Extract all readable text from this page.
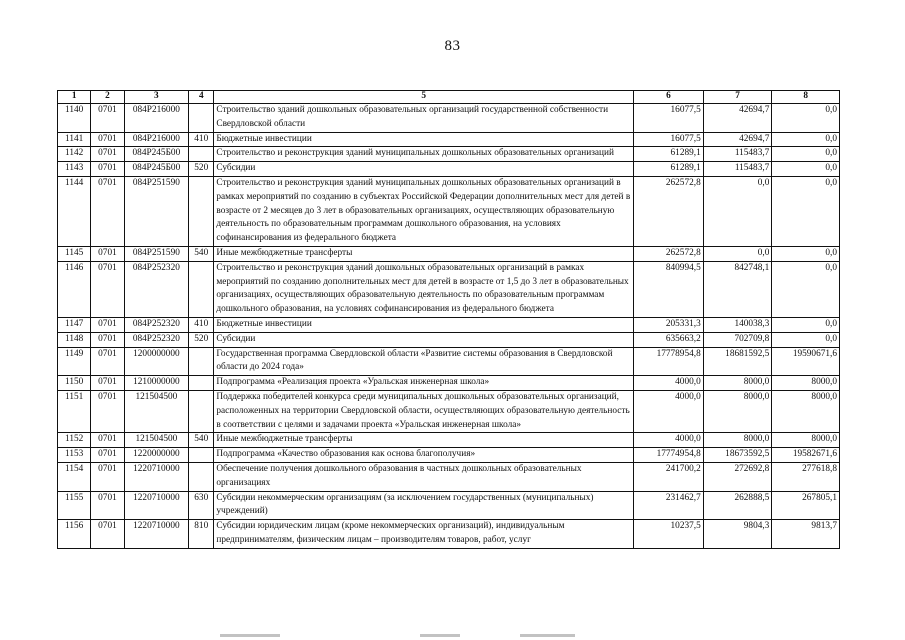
83
1	2	3	4	5	6	7	8
1140	0701	084P216000		Строительство зданий дошкольных образовательных организаций государственной собственности Свердловской области	16077,5	42694,7	0,0
1141	0701	084P216000	410	Бюджетные инвестиции	16077,5	42694,7	0,0
1142	0701	084P245Б00		Строительство и реконструкция зданий муниципальных дошкольных образовательных организаций	61289,1	115483,7	0,0
1143	0701	084P245Б00	520	Субсидии	61289,1	115483,7	0,0
1144	0701	084P251590		Строительство и реконструкция зданий муниципальных дошкольных образовательных организаций в рамках мероприятий по созданию в субъектах Российской Федерации дополнительных мест для детей в возрасте от 2 месяцев до 3 лет в образовательных организациях, осуществляющих образовательную деятельность по образовательным программам дошкольного образования, на условиях софинансирования из федерального бюджета	262572,8	0,0	0,0
1145	0701	084P251590	540	Иные межбюджетные трансферты	262572,8	0,0	0,0
1146	0701	084P252320		Строительство и реконструкция зданий дошкольных образовательных организаций в рамках мероприятий по созданию дополнительных мест для детей в возрасте от 1,5 до 3 лет в образовательных организациях, осуществляющих образовательную деятельность по образовательным программам дошкольного образования, на условиях софинансирования из федерального бюджета	840994,5	842748,1	0,0
1147	0701	084P252320	410	Бюджетные инвестиции	205331,3	140038,3	0,0
1148	0701	084P252320	520	Субсидии	635663,2	702709,8	0,0
1149	0701	1200000000		Государственная программа Свердловской области «Развитие системы образования в Свердловской области до 2024 года»	17778954,8	18681592,5	19590671,6
1150	0701	1210000000		Подпрограмма «Реализация проекта «Уральская инженерная школа»	4000,0	8000,0	8000,0
1151	0701	121504500		Поддержка победителей конкурса среди муниципальных дошкольных образовательных организаций, расположенных на территории Свердловской области, осуществляющих образовательную деятельность в соответствии с целями и задачами проекта «Уральская инженерная школа»	4000,0	8000,0	8000,0
1152	0701	121504500	540	Иные межбюджетные трансферты	4000,0	8000,0	8000,0
1153	0701	1220000000		Подпрограмма «Качество образования как основа благополучия»	17774954,8	18673592,5	19582671,6
1154	0701	1220710000		Обеспечение получения дошкольного образования в частных дошкольных образовательных организациях	241700,2	272692,8	277618,8
1155	0701	1220710000	630	Субсидии некоммерческим организациям (за исключением государственных (муниципальных) учреждений)	231462,7	262888,5	267805,1
1156	0701	1220710000	810	Субсидии юридическим лицам (кроме некоммерческих организаций), индивидуальным предпринимателям, физическим лицам – производителям товаров, работ, услуг	10237,5	9804,3	9813,7
